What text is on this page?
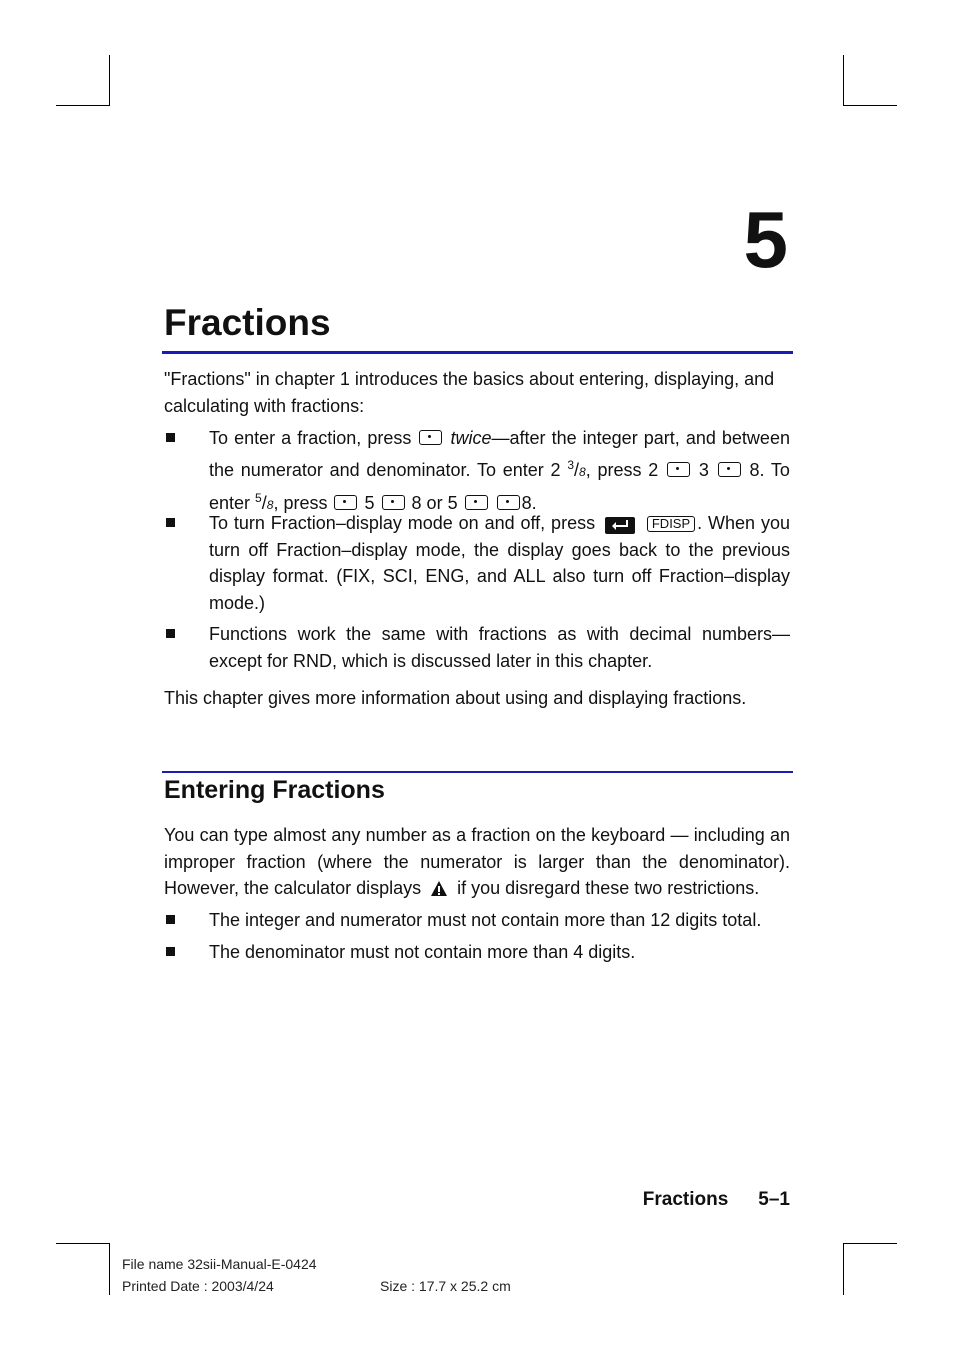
5
Fractions
"Fractions" in chapter 1 introduces the basics about entering, displaying, and calculating with fractions:
To enter a fraction, press twice—after the integer part, and between the numerator and denominator. To enter 2 $^3$/8, press 2 3 8. To enter $^5$/8, press 5 8 or 5
	8.
To turn Fraction–display mode on and off, press	FDISP . When you turn off Fraction–display mode, the display goes back to the previous display format. (FIX, SCI, ENG, and ALL also turn off Fraction–display mode.)
Functions work the same with fractions as with decimal numbers—except for RND, which is discussed later in this chapter.
This chapter gives more information about using and displaying fractions.
Entering Fractions
You can type almost any number as a fraction on the keyboard — including an improper fraction (where the numerator is larger than the denominator). However, the calculator displays if you disregard these two restrictions.
The integer and numerator must not contain more than 12 digits total.
The denominator must not contain more than 4 digits.
Fractions 5–1
File name 32sii-Manual-E-0424
Printed Date : 2003/4/24	Size : 17.7 x 25.2 cm
